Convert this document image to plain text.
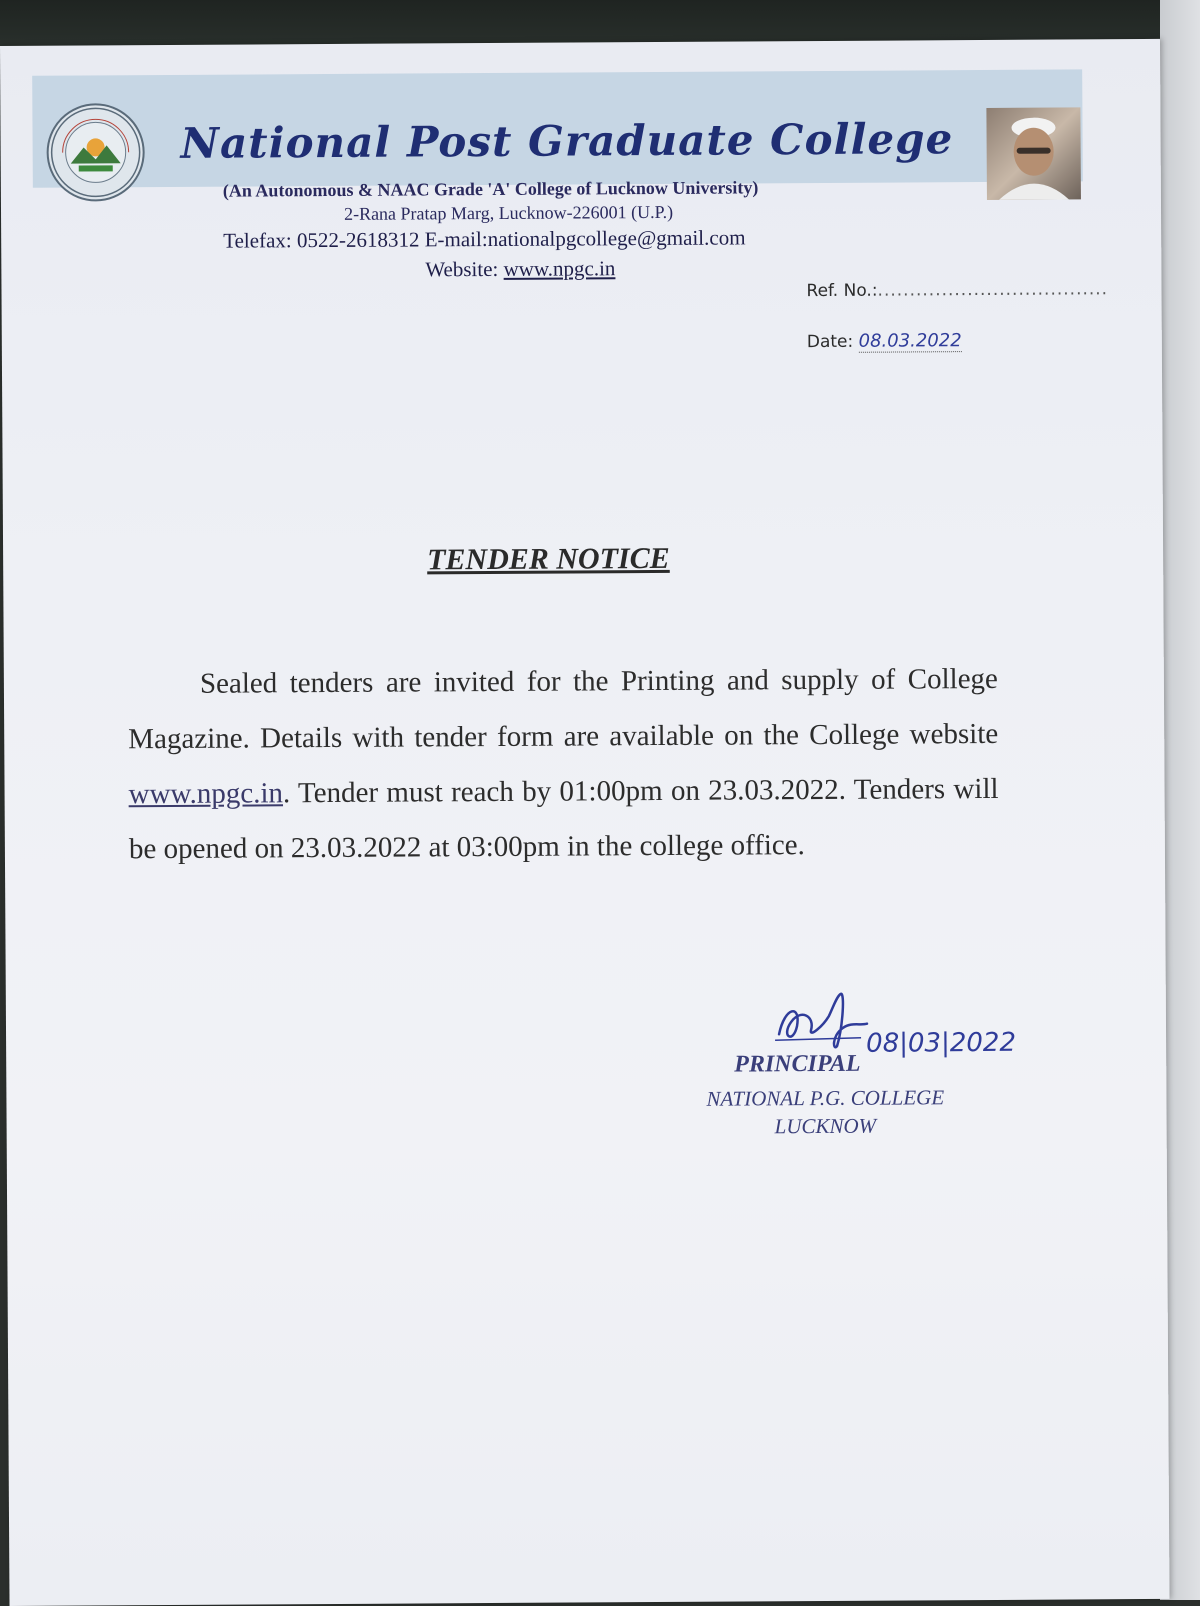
National Post Graduate College
(An Autonomous & NAAC Grade 'A' College of Lucknow University)
2-Rana Pratap Marg, Lucknow-226001 (U.P.)
Telefax: 0522-2618312 E-mail:nationalpgcollege@gmail.com
Website: www.npgc.in
Ref. No.:....................................
Date: 08.03.2022
TENDER NOTICE
Sealed tenders are invited for the Printing and supply of College Magazine. Details with tender form are available on the College website www.npgc.in. Tender must reach by 01:00pm on 23.03.2022. Tenders will be opened on 23.03.2022 at 03:00pm in the college office.
08|03|2022
PRINCIPAL
NATIONAL P.G. COLLEGE
LUCKNOW
